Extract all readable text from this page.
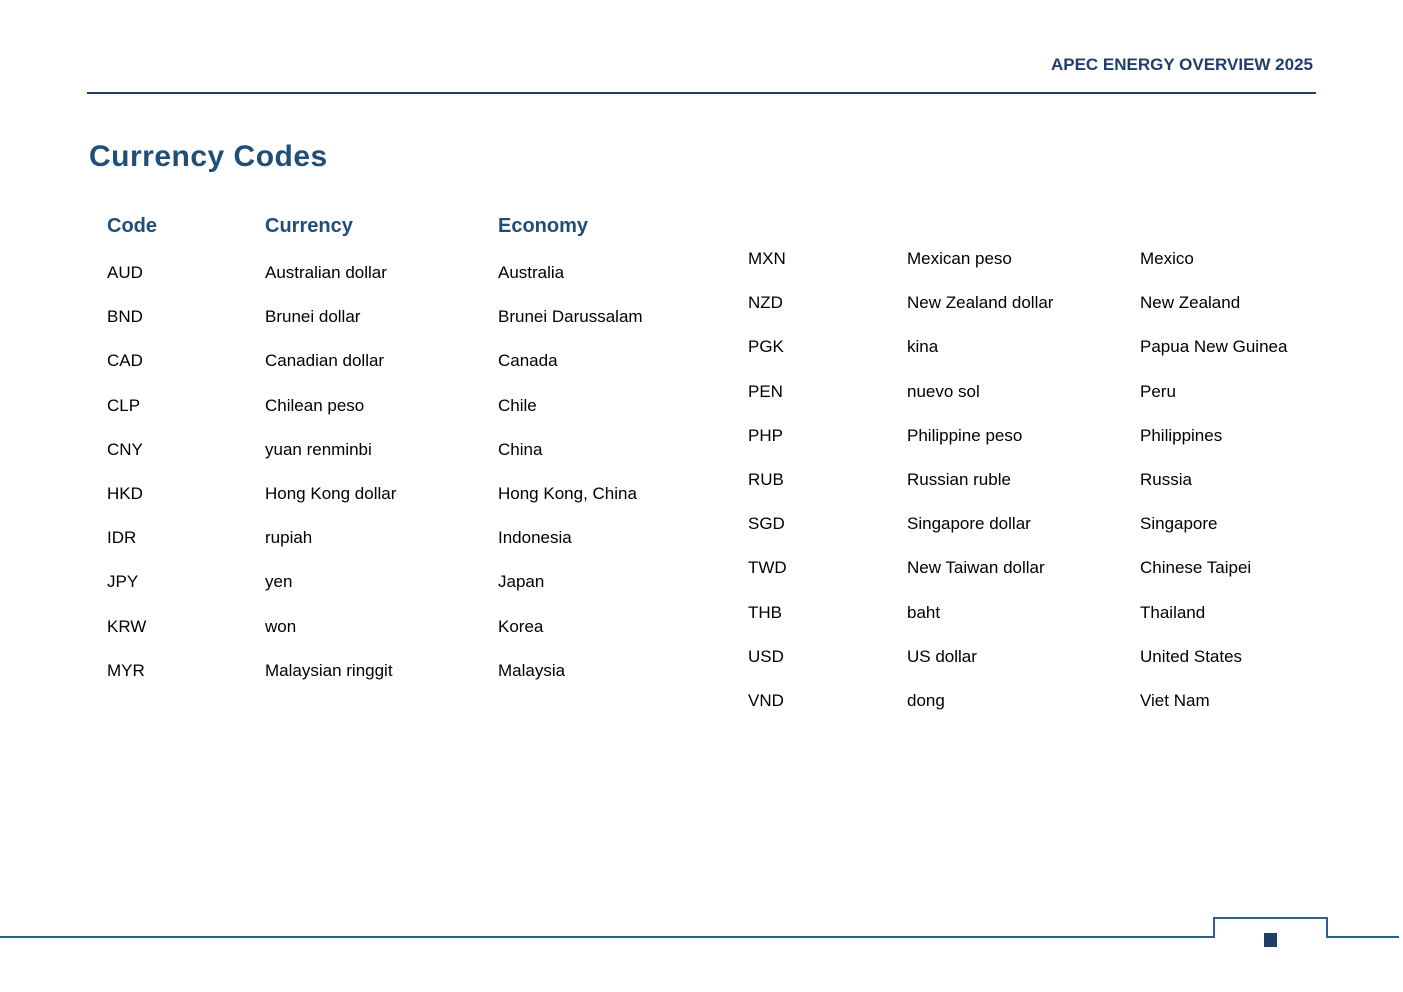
APEC ENERGY OVERVIEW 2025
Currency Codes
Code	Currency	Economy
AUD	Australian dollar	Australia
BND	Brunei dollar	Brunei Darussalam
CAD	Canadian dollar	Canada
CLP	Chilean peso	Chile
CNY	yuan renminbi	China
HKD	Hong Kong dollar	Hong Kong, China
IDR	rupiah	Indonesia
JPY	yen	Japan
KRW	won	Korea
MYR	Malaysian ringgit	Malaysia
MXN	Mexican peso	Mexico
NZD	New Zealand dollar	New Zealand
PGK	kina	Papua New Guinea
PEN	nuevo sol	Peru
PHP	Philippine peso	Philippines
RUB	Russian ruble	Russia
SGD	Singapore dollar	Singapore
TWD	New Taiwan dollar	Chinese Taipei
THB	baht	Thailand
USD	US dollar	United States
VND	dong	Viet Nam
